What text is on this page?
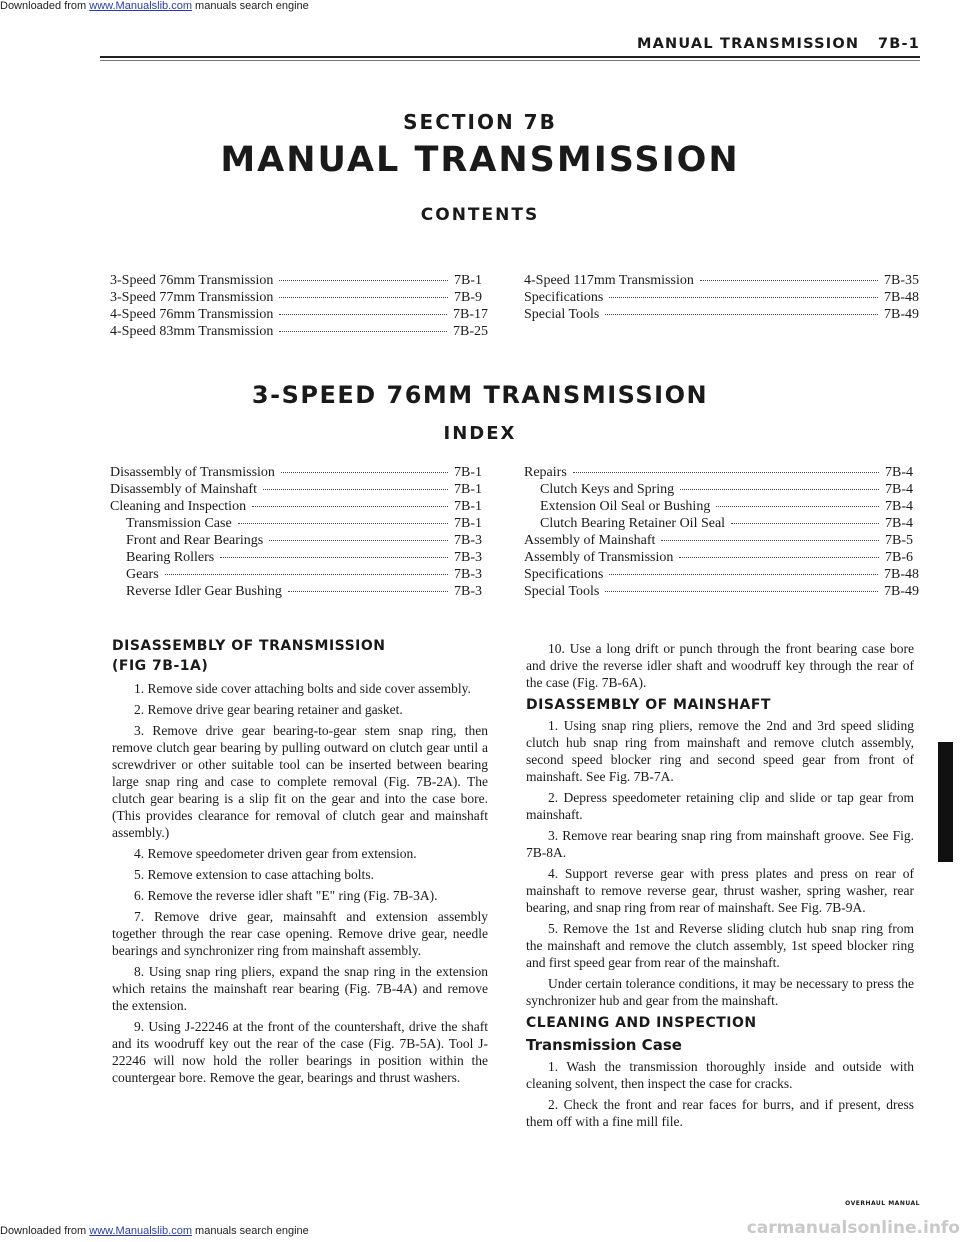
Downloaded from www.Manualslib.com manuals search engine
MANUAL TRANSMISSION   7B-1
SECTION 7B
MANUAL TRANSMISSION
CONTENTS
3-Speed 76mm Transmission	7B-1
3-Speed 77mm Transmission	7B-9
4-Speed 76mm Transmission	7B-17
4-Speed 83mm Transmission	7B-25
4-Speed 117mm Transmission	7B-35
Specifications	7B-48
Special Tools	7B-49
3-SPEED 76MM TRANSMISSION
INDEX
Disassembly of Transmission	7B-1
Disassembly of Mainshaft	7B-1
Cleaning and Inspection	7B-1
Transmission Case	7B-1
Front and Rear Bearings	7B-3
Bearing Rollers	7B-3
Gears	7B-3
Reverse Idler Gear Bushing	7B-3
Repairs	7B-4
Clutch Keys and Spring	7B-4
Extension Oil Seal or Bushing	7B-4
Clutch Bearing Retainer Oil Seal	7B-4
Assembly of Mainshaft	7B-5
Assembly of Transmission	7B-6
Specifications	7B-48
Special Tools	7B-49
DISASSEMBLY OF TRANSMISSION
(FIG 7B-1A)

1. Remove side cover attaching bolts and side cover assembly.

2. Remove drive gear bearing retainer and gasket.

3. Remove drive gear bearing-to-gear stem snap ring, then remove clutch gear bearing by pulling outward on clutch gear until a screwdriver or other suitable tool can be inserted between bearing large snap ring and case to complete removal (Fig. 7B-2A). The clutch gear bearing is a slip fit on the gear and into the case bore. (This provides clearance for removal of clutch gear and mainshaft assembly.)

4. Remove speedometer driven gear from extension.

5. Remove extension to case attaching bolts.

6. Remove the reverse idler shaft "E" ring (Fig. 7B-3A).

7. Remove drive gear, mainsahft and extension assembly together through the rear case opening. Remove drive gear, needle bearings and synchronizer ring from mainshaft assembly.

8. Using snap ring pliers, expand the snap ring in the extension which retains the mainshaft rear bearing (Fig. 7B-4A) and remove the extension.

9. Using J-22246 at the front of the countershaft, drive the shaft and its woodruff key out the rear of the case (Fig. 7B-5A). Tool J-22246 will now hold the roller bearings in position within the countergear bore. Remove the gear, bearings and thrust washers.

10. Use a long drift or punch through the front bearing case bore and drive the reverse idler shaft and woodruff key through the rear of the case (Fig. 7B-6A).

DISASSEMBLY OF MAINSHAFT

1. Using snap ring pliers, remove the 2nd and 3rd speed sliding clutch hub snap ring from mainshaft and remove clutch assembly, second speed blocker ring and second speed gear from front of mainshaft. See Fig. 7B-7A.

2. Depress speedometer retaining clip and slide or tap gear from mainshaft.

3. Remove rear bearing snap ring from mainshaft groove. See Fig. 7B-8A.

4. Support reverse gear with press plates and press on rear of mainshaft to remove reverse gear, thrust washer, spring washer, rear bearing, and snap ring from rear of mainshaft. See Fig. 7B-9A.

5. Remove the 1st and Reverse sliding clutch hub snap ring from the mainshaft and remove the clutch assembly, 1st speed blocker ring and first speed gear from rear of the mainshaft.

Under certain tolerance conditions, it may be necessary to press the synchronizer hub and gear from the mainshaft.

CLEANING AND INSPECTION
Transmission Case

1. Wash the transmission thoroughly inside and outside with cleaning solvent, then inspect the case for cracks.

2. Check the front and rear faces for burrs, and if present, dress them off with a fine mill file.

OVERHAUL MANUAL
Downloaded from www.Manualslib.com manuals search engine	carmanualsonline.info
